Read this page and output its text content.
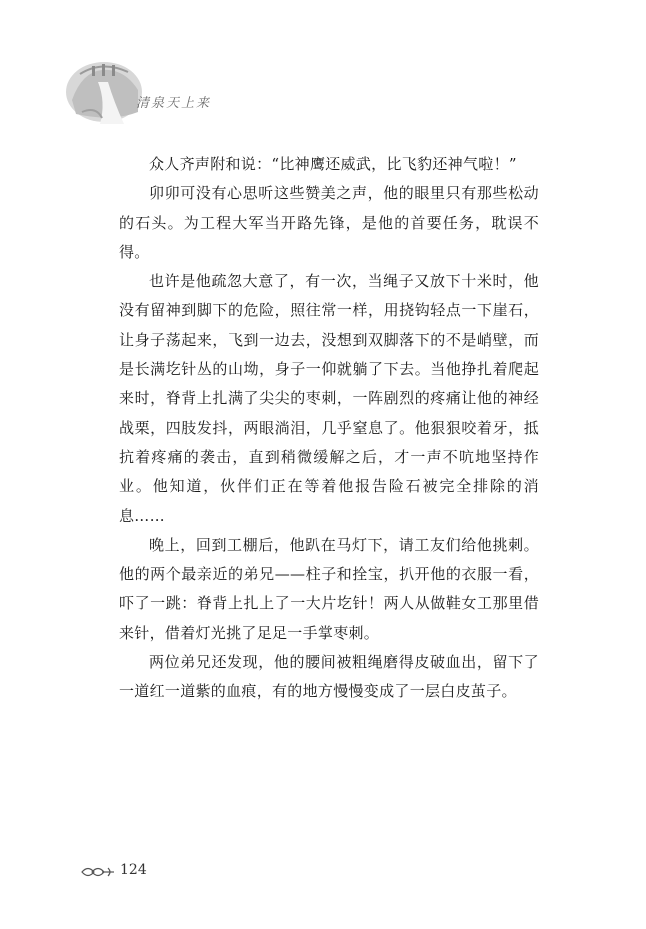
清泉天上来

众人齐声附和说：“比神鹰还威武，比飞豹还神气啦！”

卯卯可没有心思听这些赞美之声，他的眼里只有那些松动的石头。为工程大军当开路先锋，是他的首要任务，耽误不得。

也许是他疏忽大意了，有一次，当绳子又放下十米时，他没有留神到脚下的危险，照往常一样，用挠钩轻点一下崖石，让身子荡起来，飞到一边去，没想到双脚落下的不是峭壁，而是长满圪针丛的山坳，身子一仰就躺了下去。当他挣扎着爬起来时，脊背上扎满了尖尖的枣刺，一阵剧烈的疼痛让他的神经战栗，四肢发抖，两眼淌泪，几乎窒息了。他狠狠咬着牙，抵抗着疼痛的袭击，直到稍微缓解之后，才一声不吭地坚持作业。他知道，伙伴们正在等着他报告险石被完全排除的消息……

晚上，回到工棚后，他趴在马灯下，请工友们给他挑刺。他的两个最亲近的弟兄——柱子和拴宝，扒开他的衣服一看，吓了一跳：脊背上扎上了一大片圪针！两人从做鞋女工那里借来针，借着灯光挑了足足一手掌枣刺。

两位弟兄还发现，他的腰间被粗绳磨得皮破血出，留下了一道红一道紫的血痕，有的地方慢慢变成了一层白皮茧子。

124
